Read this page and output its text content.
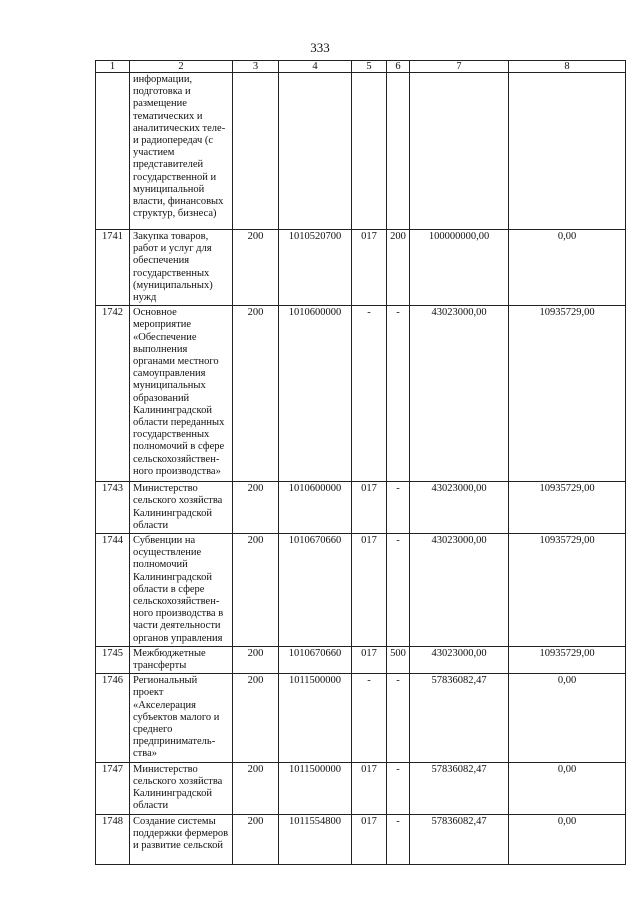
333
1	2	3	4	5	6	7	8
	информации, подготовка и размещение тематических и аналитических теле- и радиопередач (с участием представителей государственной и муниципальной власти, финансовых структур, бизнеса)						
1741	Закупка товаров, работ и услуг для обеспечения государственных (муниципальных) нужд	200	1010520700	017	200	100000000,00	0,00
1742	Основное мероприятие «Обеспечение выполнения органами местного самоуправления муниципальных образований Калининградской области переданных государственных полномочий в сфере сельскохозяйствен-ного производства»	200	1010600000	-	-	43023000,00	10935729,00
1743	Министерство сельского хозяйства Калининградской области	200	1010600000	017	-	43023000,00	10935729,00
1744	Субвенции на осуществление полномочий Калининградской области в сфере сельскохозяйствен-ного производства в части деятельности органов управления	200	1010670660	017	-	43023000,00	10935729,00
1745	Межбюджетные трансферты	200	1010670660	017	500	43023000,00	10935729,00
1746	Региональный проект «Акселерация субъектов малого и среднего предприниматель-ства»	200	1011500000	-	-	57836082,47	0,00
1747	Министерство сельского хозяйства Калининградской области	200	1011500000	017	-	57836082,47	0,00
1748	Создание системы поддержки фермеров и развитие сельской	200	1011554800	017	-	57836082,47	0,00
